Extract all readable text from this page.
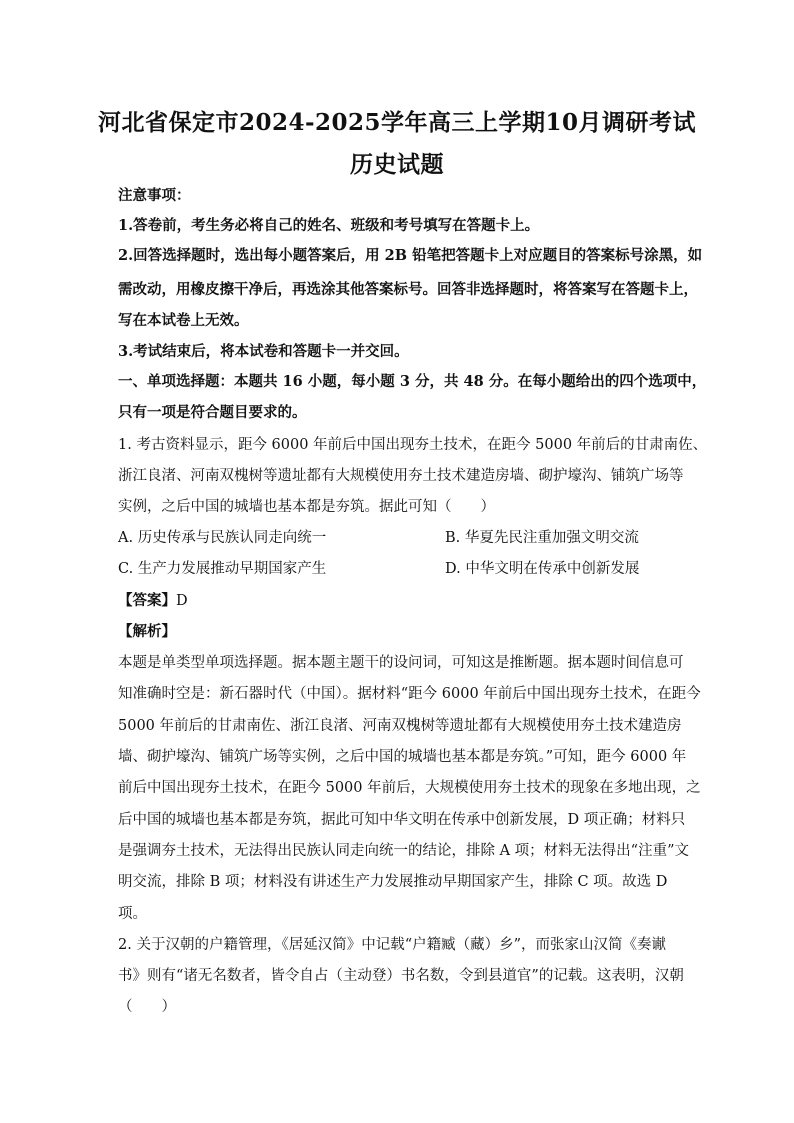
河北省保定市2024-2025学年高三上学期10月调研考试
历史试题
注意事项：
1.答卷前，考生务必将自己的姓名、班级和考号填写在答题卡上。
2.回答选择题时，选出每小题答案后，用 2B 铅笔把答题卡上对应题目的答案标号涂黑，如
需改动，用橡皮擦干净后，再选涂其他答案标号。回答非选择题时，将答案写在答题卡上，
写在本试卷上无效。
3.考试结束后，将本试卷和答题卡一并交回。
一、单项选择题：本题共 16 小题，每小题 3 分，共 48 分。在每小题给出的四个选项中，
只有一项是符合题目要求的。
1. 考古资料显示，距今 6000 年前后中国出现夯土技术，在距今 5000 年前后的甘肃南佐、
浙江良渚、河南双槐树等遗址都有大规模使用夯土技术建造房墙、砌护壕沟、铺筑广场等
实例，之后中国的城墙也基本都是夯筑。据此可知（　　）
A. 历史传承与民族认同走向统一	B. 华夏先民注重加强文明交流
C. 生产力发展推动早期国家产生	D. 中华文明在传承中创新发展
【答案】D
【解析】
本题是单类型单项选择题。据本题主题干的设问词，可知这是推断题。据本题时间信息可
知准确时空是：新石器时代（中国）。据材料“距今 6000 年前后中国出现夯土技术，在距今
5000 年前后的甘肃南佐、浙江良渚、河南双槐树等遗址都有大规模使用夯土技术建造房
墙、砌护壕沟、铺筑广场等实例，之后中国的城墙也基本都是夯筑。”可知，距今 6000 年
前后中国出现夯土技术，在距今 5000 年前后，大规模使用夯土技术的现象在多地出现，之
后中国的城墙也基本都是夯筑，据此可知中华文明在传承中创新发展，D 项正确；材料只
是强调夯土技术，无法得出民族认同走向统一的结论，排除 A 项；材料无法得出“注重”文
明交流，排除 B 项；材料没有讲述生产力发展推动早期国家产生，排除 C 项。故选 D
项。
2. 关于汉朝的户籍管理，《居延汉简》中记载“户籍臧（藏）乡”，而张家山汉简《奏谳
书》则有“诸无名数者，皆令自占（主动登）书名数，令到县道官”的记载。这表明，汉朝
（　　）
